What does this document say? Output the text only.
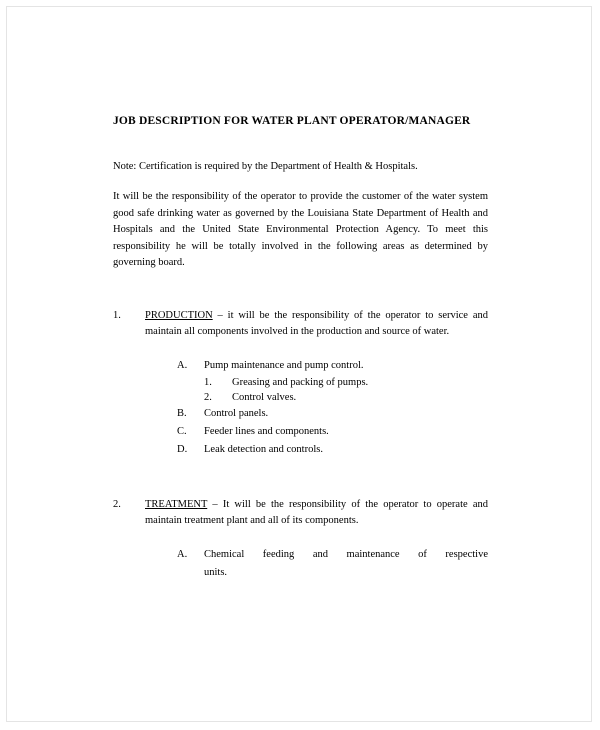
JOB DESCRIPTION FOR WATER PLANT OPERATOR/MANAGER

Note: Certification is required by the Department of Health & Hospitals.

It will be the responsibility of the operator to provide the customer of the water system good safe drinking water as governed by the Louisiana State Department of Health and Hospitals and the United State Environmental Protection Agency. To meet this responsibility he will be totally involved in the following areas as determined by governing board.

1.	PRODUCTION – it will be the responsibility of the operator to service and maintain all components involved in the production and source of water.

A.	Pump maintenance and pump control.
1.	Greasing and packing of pumps.
2.	Control valves.
B.	Control panels.
C.	Feeder lines and components.
D.	Leak detection and controls.
2.	TREATMENT – It will be the responsibility of the operator to operate and maintain treatment plant and all of its components.

A.	Chemical feeding and maintenance of respective units.
